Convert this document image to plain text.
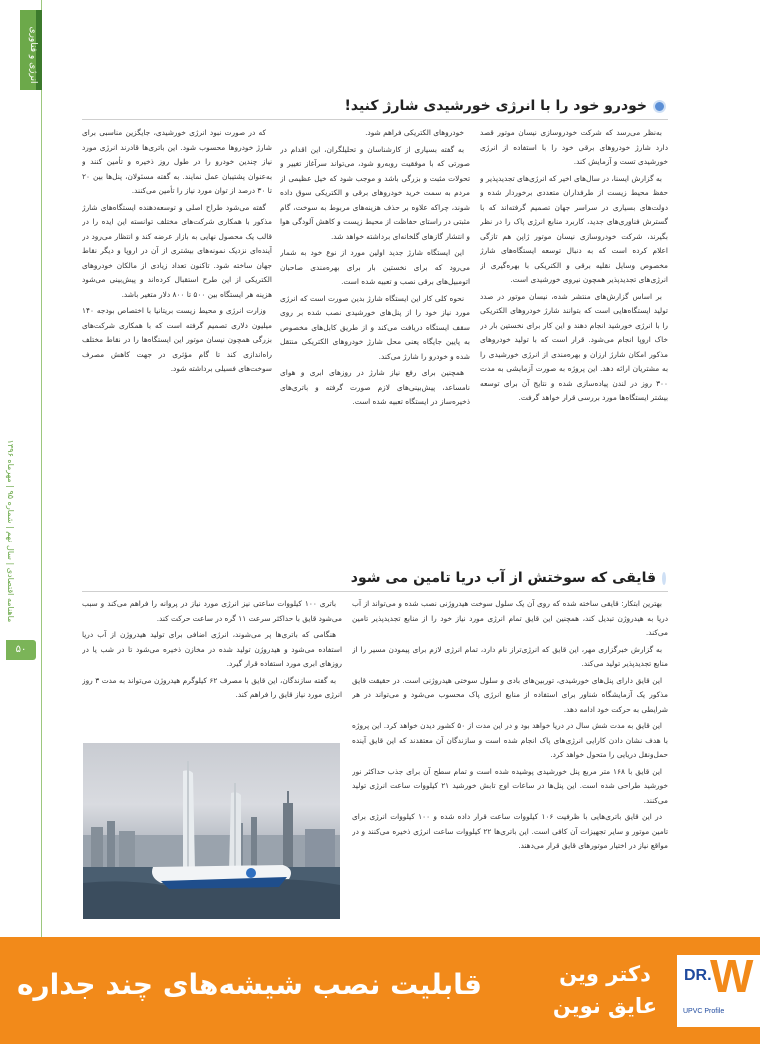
انرژی و فناوری
ماهنامه اقتصادی | سال نهم | شماره ۹۵ | مهرماه ۱۳۹۶
۵۰
خودرو خود را با انرژی خورشیدی شارژ کنید!

به‌نظر می‌رسد که شرکت خودروسازی نیسان موتور قصد دارد شارژ خودروهای برقی خود را با استفاده از انرژی خورشیدی تست و آزمایش کند.

به گزارش ایسنا، در سال‌های اخیر که انرژی‌های تجدیدپذیر و حفظ محیط زیست از طرفداران متعددی برخوردار شده و دولت‌های بسیاری در سراسر جهان تصمیم گرفته‌اند که با گسترش فناوری‌های جدید، کاربرد منابع انرژی پاک را در نظر بگیرند، شرکت خودروسازی نیسان موتور ژاپن هم تازگی اعلام کرده است که به دنبال توسعه ایستگاه‌های شارژ مخصوص وسایل نقلیه برقی و الکتریکی با بهره‌گیری از انرژی‌های تجدیدپذیر همچون نیروی خورشیدی است.

بر اساس گزارش‌های منتشر شده، نیسان موتور در صدد تولید ایستگاه‌هایی است که بتوانند شارژ خودروهای الکتریکی را با انرژی خورشید انجام دهند و این کار برای نخستین بار در خاک اروپا انجام می‌شود. قرار است که با تولید خودروهای مذکور امکان شارژ ارزان و بهره‌مندی از انرژی خورشیدی را به مشتریان ارائه دهد. این پروژه به صورت آزمایشی به مدت ۳۰۰ روز در لندن پیاده‌سازی شده و نتایج آن برای توسعه بیشتر ایستگاه‌ها مورد بررسی قرار خواهد گرفت.

خودروهای الکتریکی فراهم شود.

به گفته بسیاری از کارشناسان و تحلیلگران، این اقدام در صورتی که با موفقیت روبه‌رو شود، می‌تواند سرآغاز تغییر و تحولات مثبت و بزرگی باشد و موجب شود که خیل عظیمی از مردم به سمت خرید خودروهای برقی و الکتریکی سوق داده شوند، چراکه علاوه بر حذف هزینه‌های مربوط به سوخت، گام مثبتی در راستای حفاظت از محیط زیست و کاهش آلودگی هوا و انتشار گازهای گلخانه‌ای برداشته خواهد شد.

این ایستگاه شارژ جدید اولین مورد از نوع خود به شمار می‌رود که برای نخستین بار برای بهره‌مندی صاحبان اتومبیل‌های برقی نصب و تعبیه شده است.

نحوه کلی کار این ایستگاه شارژ بدین صورت است که انرژی مورد نیاز خود را از پنل‌های خورشیدی نصب شده بر روی سقف ایستگاه دریافت می‌کند و از طریق کابل‌های مخصوص به پایین جایگاه یعنی محل شارژ خودروهای الکتریکی منتقل شده و خودرو را شارژ می‌کند.

همچنین برای رفع نیاز شارژ در روزهای ابری و هوای نامساعد، پیش‌بینی‌های لازم صورت گرفته و باتری‌های ذخیره‌ساز در ایستگاه تعبیه شده است.

که در صورت نبود انرژی خورشیدی، جایگزین مناسبی برای شارژ خودروها محسوب شود. این باتری‌ها قادرند انرژی مورد نیاز چندین خودرو را در طول روز ذخیره و تأمین کنند و به‌عنوان پشتیبان عمل نمایند. به گفته مسئولان، پنل‌ها بین ۲۰ تا ۳۰ درصد از توان مورد نیاز را تأمین می‌کنند.

گفته می‌شود طراح اصلی و توسعه‌دهنده ایستگاه‌های شارژ مذکور با همکاری شرکت‌های مختلف توانسته این ایده را در قالب یک محصول نهایی به بازار عرضه کند و انتظار می‌رود در آینده‌ای نزدیک نمونه‌های بیشتری از آن در اروپا و دیگر نقاط جهان ساخته شود. تاکنون تعداد زیادی از مالکان خودروهای الکتریکی از این طرح استقبال کرده‌اند و پیش‌بینی می‌شود هزینه هر ایستگاه بین ۵۰۰ تا ۸۰۰ دلار متغیر باشد.

وزارت انرژی و محیط زیست بریتانیا با اختصاص بودجه ۱۴۰ میلیون دلاری تصمیم گرفته است که با همکاری شرکت‌های بزرگی همچون نیسان موتور این ایستگاه‌ها را در نقاط مختلف راه‌اندازی کند تا گام مؤثری در جهت کاهش مصرف سوخت‌های فسیلی برداشته شود.

قایقی که سوختش از آب دریا تامین می شود

بهترین ابتکار: قایقی ساخته شده که روی آن یک سلول سوخت هیدروژنی نصب شده و می‌تواند از آب دریا به هیدروژن تبدیل کند، همچنین این قایق تمام انرژی مورد نیاز خود را از منابع تجدیدپذیر تامین می‌کند.

به گزارش خبرگزاری مهر، این قایق که انرژی‌تراز نام دارد، تمام انرژی لازم برای پیمودن مسیر را از منابع تجدیدپذیر تولید می‌کند.

این قایق دارای پنل‌های خورشیدی، توربین‌های بادی و سلول سوختی هیدروژنی است. در حقیقت قایق مذکور یک آزمایشگاه شناور برای استفاده از منابع انرژی پاک محسوب می‌شود و می‌تواند در هر شرایطی به حرکت خود ادامه دهد.

این قایق به مدت شش سال در دریا خواهد بود و در این مدت از ۵۰ کشور دیدن خواهد کرد. این پروژه با هدف نشان دادن کارایی انرژی‌های پاک انجام شده است و سازندگان آن معتقدند که این قایق آینده حمل‌ونقل دریایی را متحول خواهد کرد.

این قایق با ۱۶۸ متر مربع پنل خورشیدی پوشیده شده است و تمام سطح آن برای جذب حداکثر نور خورشید طراحی شده است. این پنل‌ها در ساعات اوج تابش خورشید ۲۱ کیلووات ساعت انرژی تولید می‌کنند.

در این قایق باتری‌هایی با ظرفیت ۱۰۶ کیلووات ساعت قرار داده شده و ۱۰۰ کیلووات انرژی برای تامین موتور و سایر تجهیزات آن کافی است. این باتری‌ها ۲۲ کیلووات ساعت انرژی ذخیره می‌کنند و در مواقع نیاز در اختیار موتورهای قایق قرار می‌دهند.

باتری ۱۰۰ کیلووات ساعتی نیز انرژی مورد نیاز در پروانه را فراهم می‌کند و سبب می‌شود قایق با حداکثر سرعت ۱۱ گره در ساعت حرکت کند.

هنگامی که باتری‌ها پر می‌شوند، انرژی اضافی برای تولید هیدروژن از آب دریا استفاده می‌شود و هیدروژن تولید شده در مخازن ذخیره می‌شود تا در شب یا در روزهای ابری مورد استفاده قرار گیرد.

به گفته سازندگان، این قایق با مصرف ۶۲ کیلوگرم هیدروژن می‌تواند به مدت ۳ روز انرژی مورد نیاز قایق را فراهم کند.

قابلیت نصب شیشه‌های چند جداره	دکتر وین
عایق نوین
W
DR.
UPVC Profile
